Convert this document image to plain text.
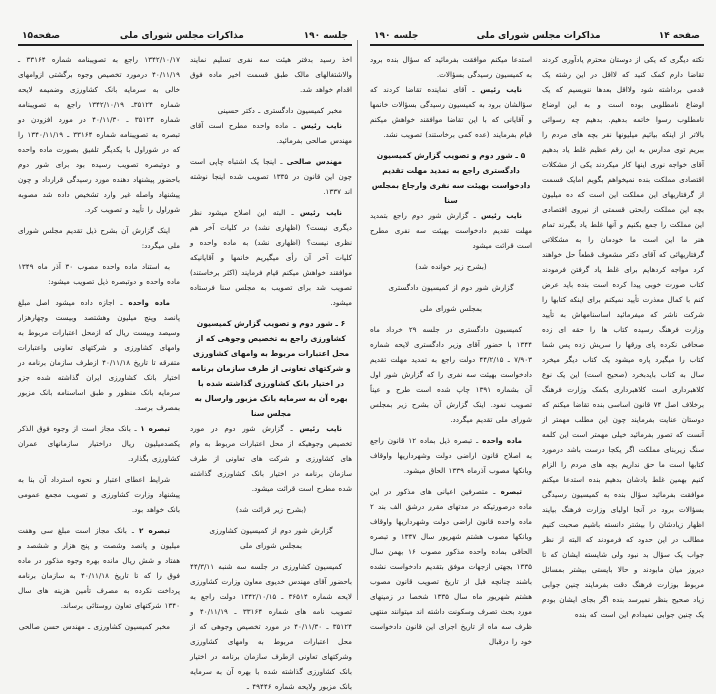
جلسه ۱۹۰
مذاکرات مجلس شورای ملی
صفحه۱۵

اخذ رسید بدفتر هیئت سه نفری تسلیم نمایند والاشتغالهای مالک طبق قسمت اخیر ماده فوق اقدام خواهد شد.

مخبر کمیسیون دادگستری ـ دکتر حسینی

نایب رئیس ـ ماده واحده مطرح است آقای مهندس صالحی بفرمائید.

مهندس صالحی ـ اینجا یک اشتباه چاپی است چون این قانون در ۱۳۳۵ تصویب شده اینجا نوشته اند ۱۳۳۷.

نایب رئیس ـ البته این اصلاح میشود نظر دیگری نیست؟ (اظهاری نشد) در کلیات آخر هم نظری نیست؟ (اظهاری نشد) به ماده واحده و کلیات آخر آن رأی میگیریم خانمها و آقایانیکه موافقند خواهش میکنم قیام فرمایند (اکثر برخاستند) تصویب شد برای تصویب به مجلس سنا فرستاده میشود.

۶ ـ شور دوم و تصویب گزارش کمیسیون کشاورزی راجع به تخصیص وجوهی که از محل اعتبارات مربوط به وامهای کشاورزی و شرکتهای تعاونی از طرف سازمان برنامه در اختیار بانک کشاورزی گذاشته شده با بهره آن به سرمایه بانک مزبور وارسال به مجلس سنا

نایب رئیس ـ گزارش شور دوم در مورد تخصیص وجوهیکه از محل اعتبارات مربوط به وام های کشاورزی و شرکت های تعاونی از طرف سازمان برنامه در اختیار بانک کشاورزی گذاشته شده مطرح است قرائت میشود.

(بشرح زیر قرائت شد)

گزارش شور دوم از کمیسیون کشاورزی

بمجلس شورای ملی

کمیسیون کشاورزی در جلسه سه شنبه ۴۴/۳/۱۱ باحضور آقای مهندس خدیوی معاون وزارت کشاورزی لایحه شماره ۳۶۵۱۴ ـ ۱۳۴۲/۱۰/۱۵ دولت راجع به تصویب نامه های شماره ۳۳۱۶۴ ـ ۴۰/۱۱/۱۹ و ۳۵۱۲۴ ـ ۴۰/۱۱/۳۰ در مورد تخصیص وجوهی که از محل اعتبارات مربوط به وامهای کشاورزی وشرکتهای تعاونی ازطرف سازمان برنامه در اختیار بانک کشاورزی گذاشته شده با بهره آن به سرمایه بانک مزبور ولایحه شماره ۴۹۴۴۶ ـ

۱۳۴۲/۱۰/۱۷ راجع به تصویبنامه شماره ۳۳۱۶۴ ـ ۴۰/۱۱/۱۹ درمورد تخصیص وجوه برگشتی ازوامهای خالی به سرمایه بانک کشاورزی وضمیمه لایحه شماره ۳۵۱۲۴ـ ۱۳۴۲/۱۰/۱۹ راجع به تصویبنامه شماره ۳۵۱۲۴ ـ ۴۰/۱۱/۳۰ در مورد افزودن دو تبصره به تصویبنامه شماره ۳۳۱۶۴ ـ ۱۳۴۰/۱۱/۱۹ را که در شوراول با یکدیگر تلفیق بصورت ماده واحده و دوتبصره تصویب رسیده بود برای شور دوم باحضور پیشنهاد دهنده مورد رسیدگی قرارداد و چون پیشنهاد واصله غیر وارد تشخیص داده شد مصوبه شوراول را تأیید و تصویب کرد.

اینک گزارش آن بشرح ذیل تقدیم مجلس شورای ملی میگردد:

به استناد ماده واحده مصوب ۳۰ آذر ماه ۱۳۴۹ ماده واحده و دوتبصره ذیل تصویب میشود:

ماده واحده ـ اجازه داده میشود اصل مبلغ پانصد وپنج میلیون وهشتصد وبیست وچهارهزار وسیصد وبیست ریال که ازمحل اعتبارات مربوط به وامهای کشاورزی و شرکتهای تعاونی واعتبارات متفرقه تا تاریخ ۴۰/۱۱/۱۸ ازطرف سازمان برنامه در اختیار بانک کشاورزی ایران گذاشته شده جزو سرمایه بانک منظور و طبق اساسنامه بانک مزبور بمصرف برسد.

تبصره ۱ ـ بانک مجاز است از وجوه فوق الذکر یکصدمیلیون ریال دراختیار سازمانهای عمران کشاورزی بگذارد.

شرایط اعطای اعتبار و نحوه استرداد آن بنا به پیشنهاد وزارت کشاورزی و تصویب مجمع عمومی بانک خواهد بود.

تبصره ۲ ـ بانک مجاز است مبلغ سی وهفت میلیون و پانصد وشصت و پنج هزار و ششصد و هفتاد و شش ریال مانده بهره وجوه مذکور در ماده فوق را که تا تاریخ ۴۰/۱۱/۱۸ به سازمان برنامه پرداخت نکرده به مصرف تأمین هزینه های سال ۱۳۴۰ شرکتهای تعاون روستائی برساند.

مخبر کمیسیون کشاورزی ـ مهندس حسن صالحی

صفحه ۱۴
مذاکرات مجلس شورای ملی
جلسه ۱۹۰

نکته دیگری که یکی از دوستان محترم یادآوری کردند تقاضا دارم کمک کنید که لااقل در این رشته یک قدمی برداشته شود ولااقل بعدها ننویسیم که یک اوضاع نامطلوبی بوده است و به این اوضاع نامطلوب رسوا خاتمه بدهیم. بدهیم چه رسوائی بالاتر از اینکه بیائیم میلیونها نفر بچه های مردم را ببریم توی مدارس به این رقم عظیم غلط یاد بدهیم آقای خواجه نوری اینها کار میکردند یکی از مشکلات اقتصادی مملکت بنده نمیخواهم بگویم امایک قسمت از گرفتاریهای این مملکت این است که ده میلیون بچه این مملکت رابحتی قسمتی از نیروی اقتصادی این مملکت را جمع بکنیم و آنها غلط یاد بگیرند تمام هنر ما این است ما خودمان را به مشکلاتی گرفتاریهائی که آقای دکتر مشعوف قطعاً حل خواهند کرد مواجه کردهایم برای غلط یاد گرفتن فرمودند کتاب صورت خوبی پیدا کرده است بنده باید عرض کنم با کمال معذرت تأیید نمیکنم برای اینکه کتابها را شرکت ناشر که میفرمائید اساسنامهاش به تأیید وزارت فرهنگ رسیده کتاب ها را حقه ای زده صحافی نکرده پای ورقها را سریش زده پس شما کتاب را میگیرد پاره میشود یک کتاب دیگر میخرد سال به کتاب بایدبخرد (صحیح است) این یک نوع کلاهبرداری است کلاهبرداری بکمک وزارت فرهنگ برخلاف اصل ۷۴ قانون اساسی بنده تقاضا میکنم که دوستان عنایت بفرمایند چون این مطلب مهمتر از آنست که تصور بفرمائید خیلی مهمتر است این کلمه سنگ زیربنای مملکت اگر یکجا درست باشد درمورد کتابها است ما حق نداریم بچه های مردم را الزام کنیم بهمین غلط یادشان بدهیم بنده استدعا میکنم موافقت بفرمائید سؤال بنده به کمیسیون رسیدگی بسؤالات برود در آنجا اولیای وزارت فرهنگ بیایند اظهار زیادشان را بیشتر دانسته باشیم صحبت کنیم مطالب در این حدود که فرمودند که البته از نظر جواب یک سؤال بد نبود ولی شایسته ایشان که تا دیروز میان مابودند و حالا بایستی بیشتر بمسائل مربوط بوزارت فرهنگ دقت بفرمایند چنین جوابی زیاد صحیح بنظر نمیرسد بنده اگر بجای ایشان بودم یک چنین جوابی نمیدادم این است که بنده

استدعا میکنم موافقت بفرمائید که سؤال بنده برود به کمیسیون رسیدگی بسؤالات.

نایب رئیس ـ آقای نماینده تقاضا کردند که سؤالشان برود به کمیسیون رسیدگی بسؤالات خانمها و آقایانی که با این تقاضا موافقند خواهش میکنم قیام بفرمایند (عده کمی برخاستند) تصویب نشد.

۵ ـ شور دوم و تصویب گزارش کمیسیون دادگستری راجع به تمدید مهلت تقدیم دادخواست بهیئت سه نفری وارجاع بمجلس سنا

نایب رئیس ـ گزارش شور دوم راجع بتمدید مهلت تقدیم دادخواست بهیئت سه نفری مطرح است قرائت میشود

(بشرح زیر خوانده شد)

گزارش شور دوم از کمیسیون دادگستری

بمجلس شورای ملی

کمیسیون دادگستری در جلسه ۲۹ خرداد ماه ۱۳۴۴ با حضور آقای وزیر دادگستری لایحه شماره ۷/۹۰۳ ـ ۴۴/۲/۱۵ دولت راجع به تمدید مهلت تقدیم دادخواست بهیئت سه نفری را که گزارش شور اول آن بشماره ۱۳۹۱ چاپ شده است طرح و عیناً تصویب نمود. اینک گزارش آن بشرح زیر بمجلس شورای ملی تقدیم میگردد.

ماده واحده ـ تبصره ذیل بماده ۱۲ قانون راجع به اصلاح قانون اراضی دولت وشهرداریها واوقاف وبانکها مصوب آذرماه ۱۳۳۹ الحاق میشود.

تبصره ـ متصرفین اعیانی های مذکور در این ماده درصورتیکه در مدتهای مقرر درشق الف بند ۲ ماده واحده قانون اراضی دولت وشهرداریها واوقاف وبانکها مصوب هشتم شهریور سال ۱۳۳۷ و تبصره الحاقی بماده واحده مذکور مصوب ۱۶ بهمن سال ۱۳۳۵ بجهتی ازجهات موفق بتقدیم دادخواست نشده باشند چنانچه قبل از تاریخ تصویب قانون مصوب هشتم شهریور ماه سال ۱۳۳۵ شخصا در زمینهای مورد بحث تصرف وسکونت داشته اند میتوانند منتهی ظرف سه ماه از تاریخ اجرای این قانون دادخواست خود را درقبال
